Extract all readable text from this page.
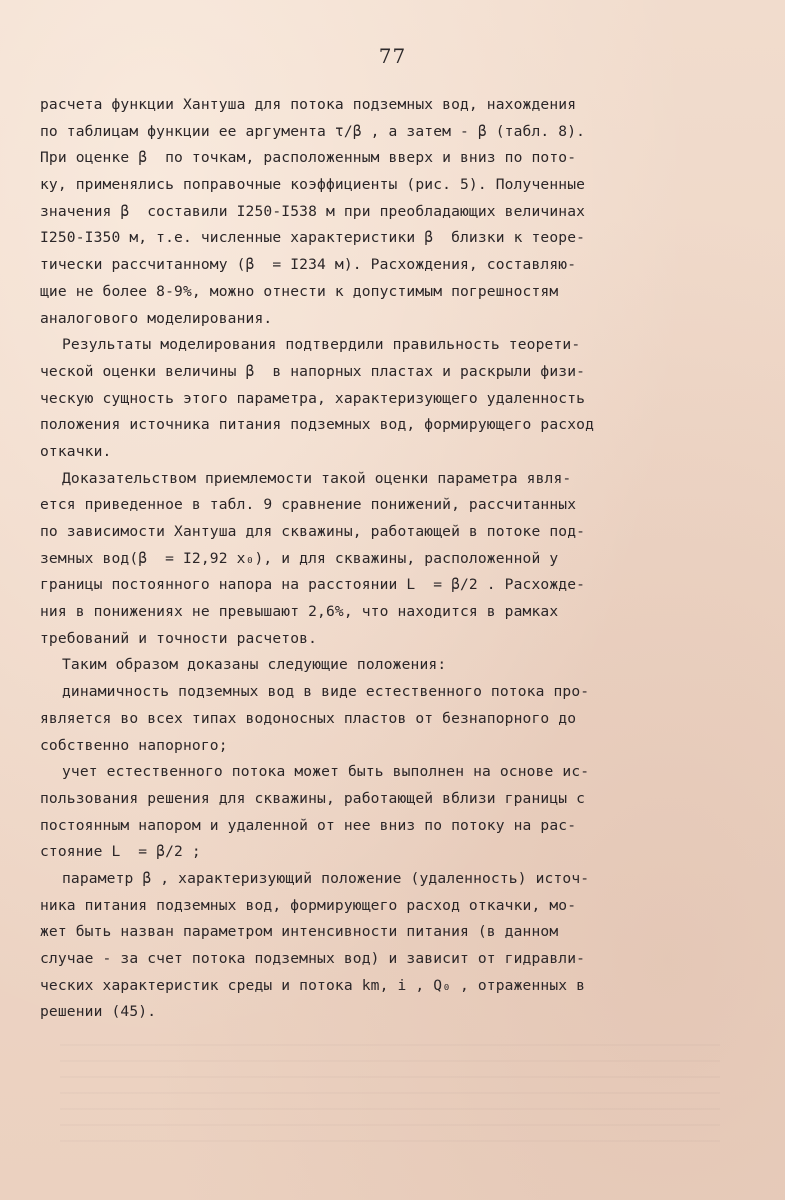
77
расчета функции Хантуша для потока подземных вод, нахождения
по таблицам функции ее аргумента τ/β , а затем - β (табл. 8).
При оценке β  по точкам, расположенным вверх и вниз по пото-
ку, применялись поправочные коэффициенты (рис. 5). Полученные
значения β  составили I250-I538 м при преобладающих величинах
I250-I350 м, т.е. численные характеристики β  близки к теоре-
тически рассчитанному (β  = I234 м). Расхождения, составляю-
щие не более 8-9%, можно отнести к допустимым погрешностям
аналогового моделирования.
Результаты моделирования подтвердили правильность теорети-
ческой оценки величины β  в напорных пластах и раскрыли физи-
ческую сущность этого параметра, характеризующего удаленность
положения источника питания подземных вод, формирующего расход
откачки.
Доказательством приемлемости такой оценки параметра явля-
ется приведенное в табл. 9 сравнение понижений, рассчитанных
по зависимости Хантуша для скважины, работающей в потоке под-
земных вод(β  = I2,92 x₀), и для скважины, расположенной у
границы постоянного напора на расстоянии L  = β/2 . Расхожде-
ния в понижениях не превышают 2,6%, что находится в рамках
требований и точности расчетов.
Таким образом доказаны следующие положения:
динамичность подземных вод в виде естественного потока про-
является во всех типах водоносных пластов от безнапорного до
собственно напорного;
учет естественного потока может быть выполнен на основе ис-
пользования решения для скважины, работающей вблизи границы с
постоянным напором и удаленной от нее вниз по потоку на рас-
стояние L  = β/2 ;
параметр β , характеризующий положение (удаленность) источ-
ника питания подземных вод, формирующего расход откачки, мо-
жет быть назван параметром интенсивности питания (в данном
случае - за счет потока подземных вод) и зависит от гидравли-
ческих характеристик среды и потока km, i , Q₀ , отраженных в
решении (45).
